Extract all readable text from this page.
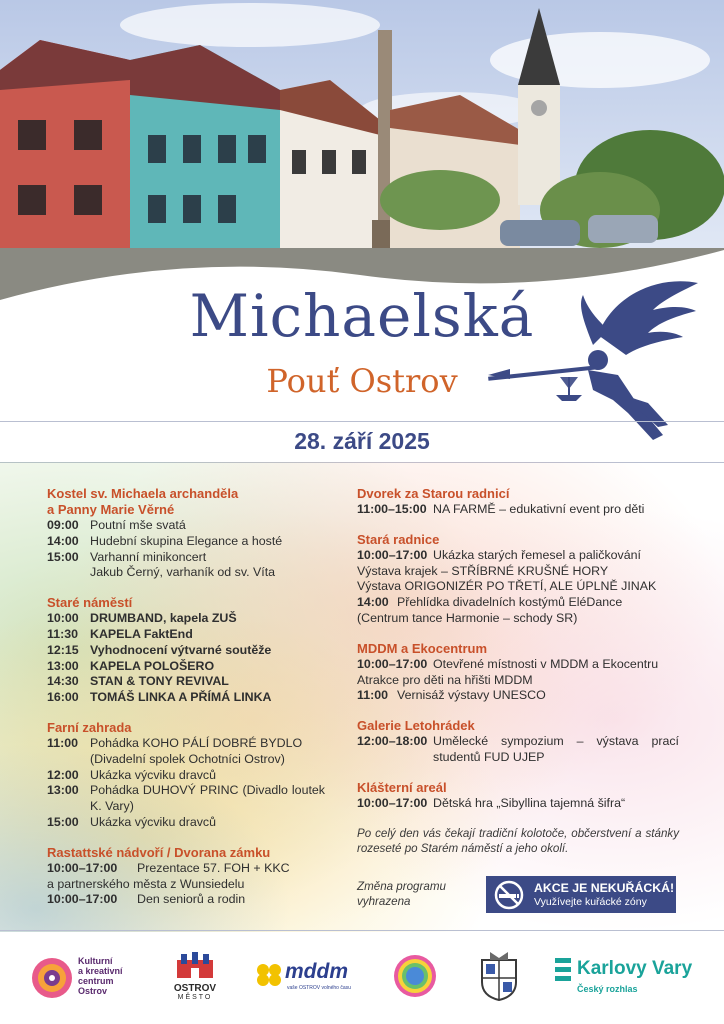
Michaelská
Pouť Ostrov
28. září 2025
Kostel sv. Michaela archanděla
a Panny Marie Věrné
09:00 Poutní mše svatá
14:00 Hudební skupina Elegance a hosté
15:00 Varhanní minikoncert
Jakub Černý, varhaník od sv. Víta
Staré náměstí
10:00 DRUMBAND, kapela ZUŠ
11:30 KAPELA FaktEnd
12:15 Vyhodnocení výtvarné soutěže
13:00 KAPELA POLOŠERO
14:30 STAN & TONY REVIVAL
16:00 TOMÁŠ LINKA A PŘÍMÁ LINKA
Farní zahrada
11:00 Pohádka KOHO PÁLÍ DOBRÉ BYDLO
(Divadelní spolek Ochotníci Ostrov)
12:00 Ukázka výcviku dravců
13:00 Pohádka DUHOVÝ PRINC (Divadlo loutek K. Vary)
15:00 Ukázka výcviku dravců
Rastattské nádvoří / Dvorana zámku
10:00–17:00	Prezentace 57. FOH + KKC
a partnerského města z Wunsiedelu
10:00–17:00	Den seniorů a rodin
Dvorek za Starou radnicí
11:00–15:00 NA FARMĚ – edukativní event pro děti
Stará radnice
10:00–17:00 Ukázka starých řemesel a paličkování
Výstava krajek – STŘÍBRNÉ KRUŠNÉ HORY
Výstava ORIGONIZÉR PO TŘETÍ, ALE ÚPLNĚ JINAK
14:00 Přehlídka divadelních kostýmů EléDance
(Centrum tance Harmonie – schody SR)
MDDM a Ekocentrum
10:00–17:00 Otevřené místnosti v MDDM a Ekocentru
Atrakce pro děti na hřišti MDDM
11:00 Vernisáž výstavy UNESCO
Galerie Letohrádek
12:00–18:00 Umělecké sympozium – výstava prací studentů FUD UJEP
Klášterní areál
10:00–17:00 Dětská hra „Sibyllina tajemná šifra“
Po celý den vás čekají tradiční kolotoče, občerstvení a stánky rozeseté po Starém náměstí a jeho okolí.
Změna programu vyhrazena
AKCE JE NEKUŘÁCKÁ!
Využívejte kuřácké zóny
Kulturní
a kreativní
centrum
Ostrov	OSTROV
MĚSTO
mddm
vaše OSTROV volného času
Karlovy Vary
Český rozhlas
